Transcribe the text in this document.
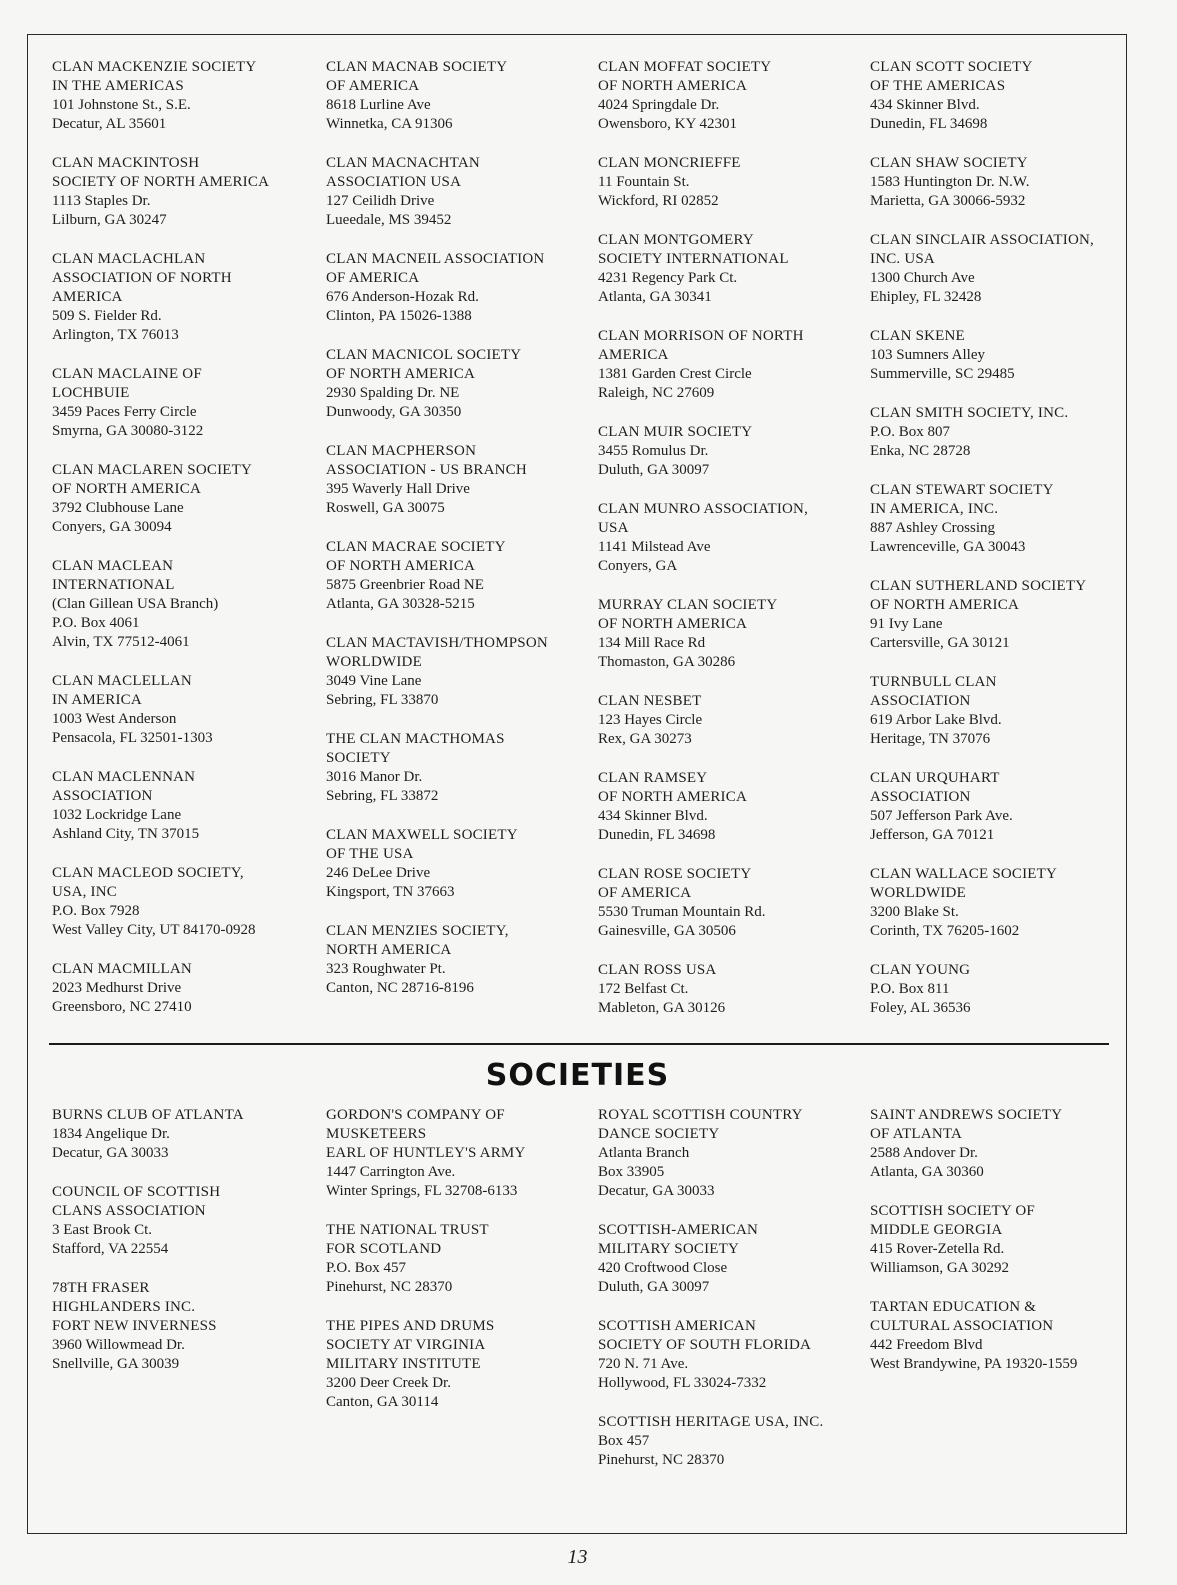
CLAN MACKENZIE SOCIETY
IN THE AMERICAS
101 Johnstone St., S.E.
Decatur, AL 35601
CLAN MACKINTOSH
SOCIETY OF NORTH AMERICA
1113 Staples Dr.
Lilburn, GA 30247
CLAN MACLACHLAN
ASSOCIATION OF NORTH
AMERICA
509 S. Fielder Rd.
Arlington, TX 76013
CLAN MACLAINE OF
LOCHBUIE
3459 Paces Ferry Circle
Smyrna, GA 30080-3122
CLAN MACLAREN SOCIETY
OF NORTH AMERICA
3792 Clubhouse Lane
Conyers, GA 30094
CLAN MACLEAN
INTERNATIONAL
(Clan Gillean USA Branch)
P.O. Box 4061
Alvin, TX 77512-4061
CLAN MACLELLAN
IN AMERICA
1003 West Anderson
Pensacola, FL 32501-1303
CLAN MACLENNAN
ASSOCIATION
1032 Lockridge Lane
Ashland City, TN 37015
CLAN MACLEOD SOCIETY,
USA, INC
P.O. Box 7928
West Valley City, UT 84170-0928
CLAN MACMILLAN
2023 Medhurst Drive
Greensboro, NC 27410
CLAN MACNAB SOCIETY
OF AMERICA
8618 Lurline Ave
Winnetka, CA 91306
CLAN MACNACHTAN
ASSOCIATION USA
127 Ceilidh Drive
Lueedale, MS 39452
CLAN MACNEIL ASSOCIATION
OF AMERICA
676 Anderson-Hozak Rd.
Clinton, PA 15026-1388
CLAN MACNICOL SOCIETY
OF NORTH AMERICA
2930 Spalding Dr. NE
Dunwoody, GA 30350
CLAN MACPHERSON
ASSOCIATION - US BRANCH
395 Waverly Hall Drive
Roswell, GA 30075
CLAN MACRAE SOCIETY
OF NORTH AMERICA
5875 Greenbrier Road NE
Atlanta, GA 30328-5215
CLAN MACTAVISH/THOMPSON
WORLDWIDE
3049 Vine Lane
Sebring, FL 33870
THE CLAN MACTHOMAS
SOCIETY
3016 Manor Dr.
Sebring, FL 33872
CLAN MAXWELL SOCIETY
OF THE USA
246 DeLee Drive
Kingsport, TN 37663
CLAN MENZIES SOCIETY,
NORTH AMERICA
323 Roughwater Pt.
Canton, NC 28716-8196
CLAN MOFFAT SOCIETY
OF NORTH AMERICA
4024 Springdale Dr.
Owensboro, KY 42301
CLAN MONCRIEFFE
11 Fountain St.
Wickford, RI 02852
CLAN MONTGOMERY
SOCIETY INTERNATIONAL
4231 Regency Park Ct.
Atlanta, GA 30341
CLAN MORRISON OF NORTH
AMERICA
1381 Garden Crest Circle
Raleigh, NC 27609
CLAN MUIR SOCIETY
3455 Romulus Dr.
Duluth, GA 30097
CLAN MUNRO ASSOCIATION,
USA
1141 Milstead Ave
Conyers, GA
MURRAY CLAN SOCIETY
OF NORTH AMERICA
134 Mill Race Rd
Thomaston, GA 30286
CLAN NESBET
123 Hayes Circle
Rex, GA 30273
CLAN RAMSEY
OF NORTH AMERICA
434 Skinner Blvd.
Dunedin, FL 34698
CLAN ROSE SOCIETY
OF AMERICA
5530 Truman Mountain Rd.
Gainesville, GA 30506
CLAN ROSS USA
172 Belfast Ct.
Mableton, GA 30126
CLAN SCOTT SOCIETY
OF THE AMERICAS
434 Skinner Blvd.
Dunedin, FL 34698
CLAN SHAW SOCIETY
1583 Huntington Dr. N.W.
Marietta, GA 30066-5932
CLAN SINCLAIR ASSOCIATION,
INC. USA
1300 Church Ave
Ehipley, FL 32428
CLAN SKENE
103 Sumners Alley
Summerville, SC 29485
CLAN SMITH SOCIETY, INC.
P.O. Box 807
Enka, NC 28728
CLAN STEWART SOCIETY
IN AMERICA, INC.
887 Ashley Crossing
Lawrenceville, GA 30043
CLAN SUTHERLAND SOCIETY
OF NORTH AMERICA
91 Ivy Lane
Cartersville, GA 30121
TURNBULL CLAN
ASSOCIATION
619 Arbor Lake Blvd.
Heritage, TN 37076
CLAN URQUHART
ASSOCIATION
507 Jefferson Park Ave.
Jefferson, GA 70121
CLAN WALLACE SOCIETY
WORLDWIDE
3200 Blake St.
Corinth, TX 76205-1602
CLAN YOUNG
P.O. Box 811
Foley, AL 36536
SOCIETIES
BURNS CLUB OF ATLANTA
1834 Angelique Dr.
Decatur, GA 30033
COUNCIL OF SCOTTISH
CLANS ASSOCIATION
3 East Brook Ct.
Stafford, VA 22554
78TH FRASER
HIGHLANDERS INC.
FORT NEW INVERNESS
3960 Willowmead Dr.
Snellville, GA 30039
GORDON'S COMPANY OF
MUSKETEERS
EARL OF HUNTLEY'S ARMY
1447 Carrington Ave.
Winter Springs, FL 32708-6133
THE NATIONAL TRUST
FOR SCOTLAND
P.O. Box 457
Pinehurst, NC 28370
THE PIPES AND DRUMS
SOCIETY AT VIRGINIA
MILITARY INSTITUTE
3200 Deer Creek Dr.
Canton, GA 30114
ROYAL SCOTTISH COUNTRY
DANCE SOCIETY
Atlanta Branch
Box 33905
Decatur, GA 30033
SCOTTISH-AMERICAN
MILITARY SOCIETY
420 Croftwood Close
Duluth, GA 30097
SCOTTISH AMERICAN
SOCIETY OF SOUTH FLORIDA
720 N. 71 Ave.
Hollywood, FL 33024-7332
SCOTTISH HERITAGE USA, INC.
Box 457
Pinehurst, NC 28370
SAINT ANDREWS SOCIETY
OF ATLANTA
2588 Andover Dr.
Atlanta, GA 30360
SCOTTISH SOCIETY OF
MIDDLE GEORGIA
415 Rover-Zetella Rd.
Williamson, GA 30292
TARTAN EDUCATION &
CULTURAL ASSOCIATION
442 Freedom Blvd
West Brandywine, PA 19320-1559
13
